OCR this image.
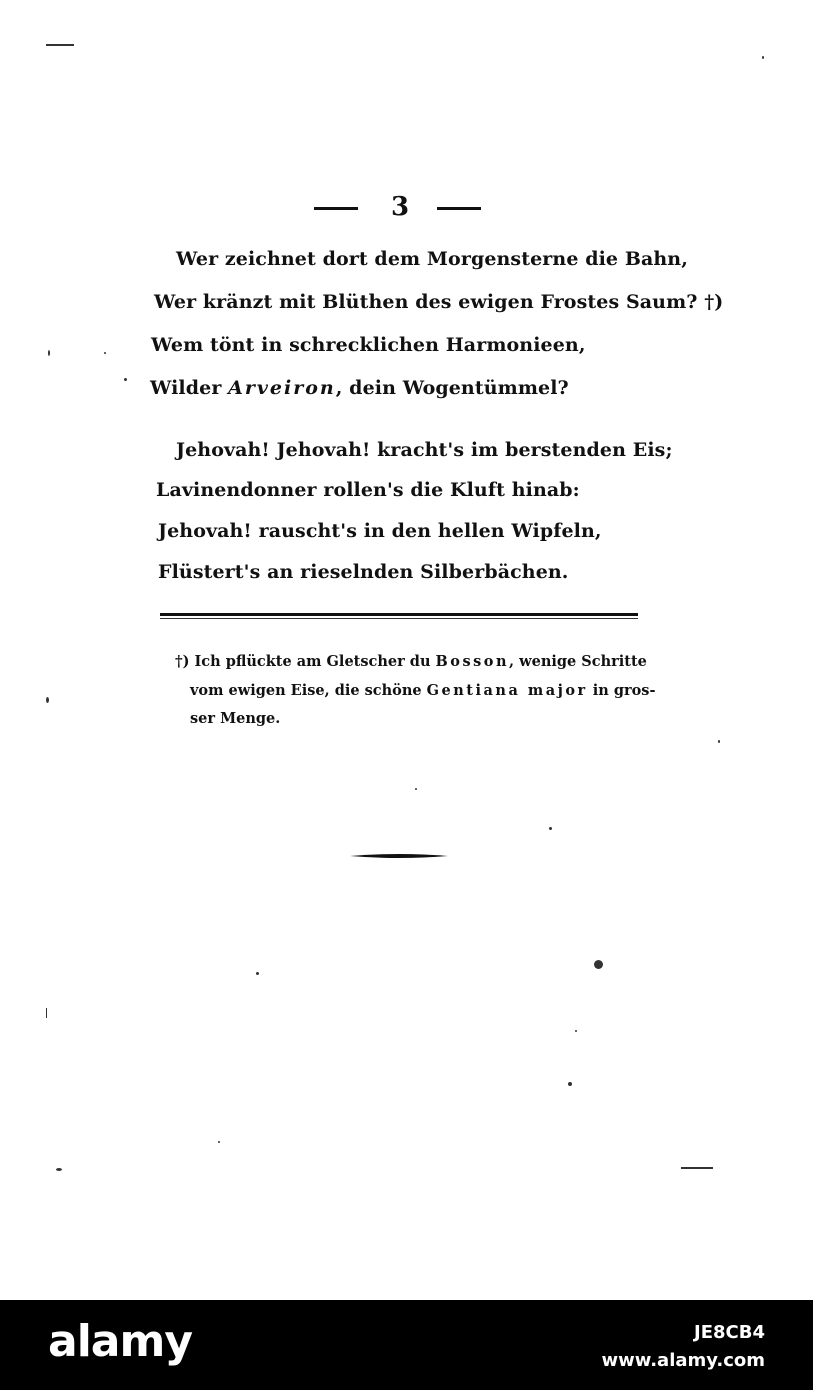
3
Wer zeichnet dort dem Morgensterne die Bahn,
Wer kränzt mit Blüthen des ewigen Frostes Saum? †)
Wem tönt in schrecklichen Harmonieen,
Wilder Arveiron, dein Wogentümmel?
Jehovah! Jehovah! kracht's im berstenden Eis;
Lavinendonner rollen's die Kluft hinab:
Jehovah! rauscht's in den hellen Wipfeln,
Flüstert's an rieselnden Silberbächen.
†) Ich pflückte am Gletscher du Bosson, wenige Schritte
vom ewigen Eise, die schöne Gentiana major in gros-
ser Menge.
alamy	JE8CB4
www.alamy.com
